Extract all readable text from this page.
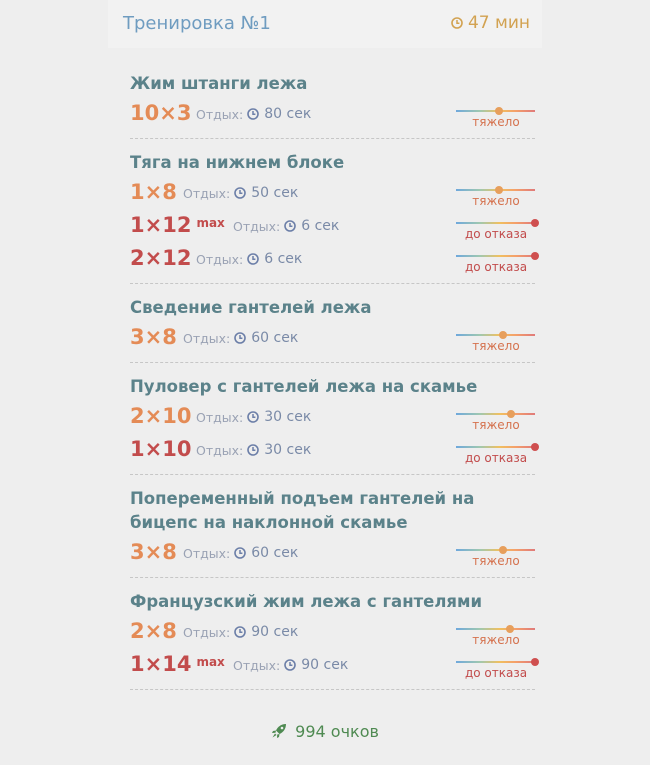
Тренировка №1	47 мин
Жим штанги лежа
10×3 Отдых: 80 сек	тяжело
Тяга на нижнем блоке
1×8 Отдых: 50 сек	тяжело
1×12 $^{max}$ Отдых: 6 сек	до отказа
2×12 Отдых: 6 сек	до отказа
Сведение гантелей лежа
3×8 Отдых: 60 сек	тяжело
Пуловер с гантелей лежа на скамье
2×10 Отдых: 30 сек	тяжело
1×10 Отдых: 30 сек	до отказа
Попеременный подъем гантелей на бицепс на наклонной скамье
3×8 Отдых: 60 сек	тяжело
Французский жим лежа с гантелями
2×8 Отдых: 90 сек	тяжело
1×14 $^{max}$ Отдых: 90 сек	до отказа
994 очков
